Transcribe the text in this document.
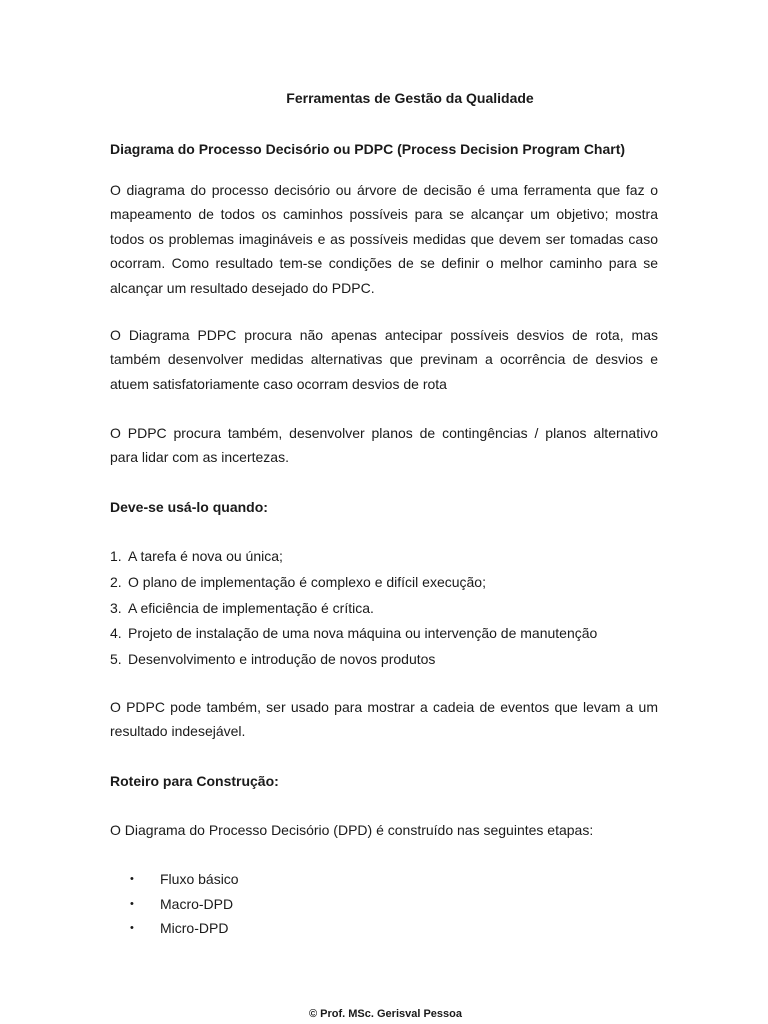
Ferramentas de Gestão da Qualidade
Diagrama do Processo Decisório ou PDPC (Process Decision Program Chart)

O diagrama do processo decisório ou árvore de decisão é uma ferramenta que faz o mapeamento de todos os caminhos possíveis para se alcançar um objetivo; mostra todos os problemas imagináveis e as possíveis medidas que devem ser tomadas caso ocorram. Como resultado tem-se condições de se definir o melhor caminho para se alcançar um resultado desejado do PDPC.

O Diagrama PDPC procura não apenas antecipar possíveis desvios de rota, mas também desenvolver medidas alternativas que previnam a ocorrência de desvios e atuem satisfatoriamente caso ocorram desvios de rota

O PDPC procura também, desenvolver planos de contingências / planos alternativo para lidar com as incertezas.

Deve-se usá-lo quando:
1. A tarefa é nova ou única;
2. O plano de implementação é complexo e difícil execução;
3. A eficiência de implementação é crítica.
4. Projeto de instalação de uma nova máquina ou intervenção de manutenção
5. Desenvolvimento e introdução de novos produtos

O PDPC pode também, ser usado para mostrar a cadeia de eventos que levam a um resultado indesejável.

Roteiro para Construção:

O Diagrama do Processo Decisório (DPD) é construído nas seguintes etapas:

• Fluxo básico
• Macro-DPD
• Micro-DPD
© Prof. MSc. Gerisval Pessoa
